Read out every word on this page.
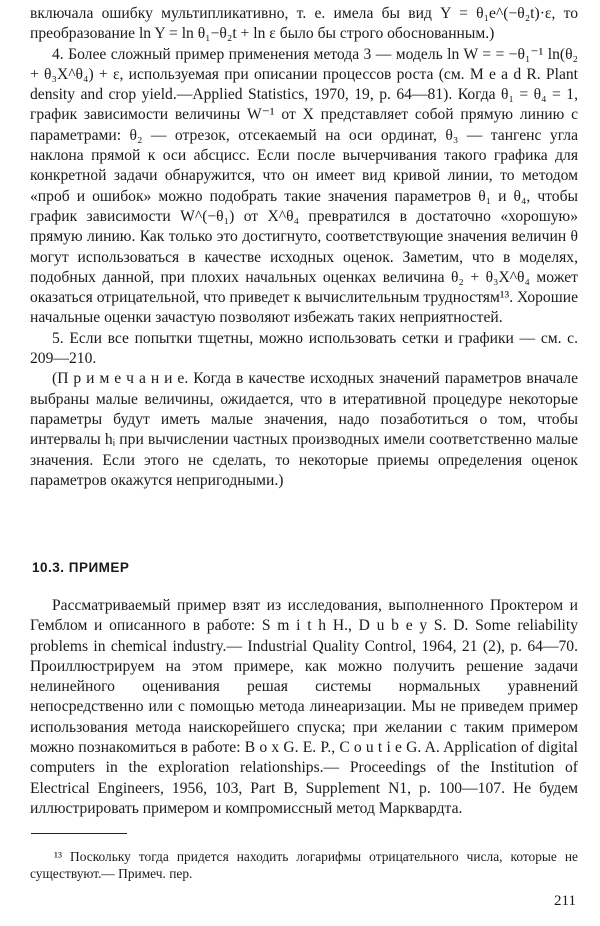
включала ошибку мультипликативно, т. е. имела бы вид Y = θ₁e^(−θ₂t)·ε, то преобразование ln Y = ln θ₁−θ₂t + ln ε было бы строго обоснованным.)

4. Более сложный пример применения метода 3 — модель ln W = = −θ₁⁻¹ ln(θ₂ + θ₃X^θ₄) + ε, используемая при описании процессов роста (см. M e a d R. Plant density and crop yield.—Applied Statistics, 1970, 19, p. 64—81). Когда θ₁ = θ₄ = 1, график зависимости величины W⁻¹ от X представляет собой прямую линию с параметрами: θ₂ — отрезок, отсекаемый на оси ординат, θ₃ — тангенс угла наклона прямой к оси абсцисс. Если после вычерчивания такого графика для конкретной задачи обнаружится, что он имеет вид кривой линии, то методом «проб и ошибок» можно подобрать такие значения параметров θ₁ и θ₄, чтобы график зависимости W^(−θ₁) от X^θ₄ превратился в достаточно «хорошую» прямую линию. Как только это достигнуто, соответствующие значения величин θ могут использоваться в качестве исходных оценок. Заметим, что в моделях, подобных данной, при плохих начальных оценках величина θ₂ + θ₃X^θ₄ может оказаться отрицательной, что приведет к вычислительным трудностям¹³. Хорошие начальные оценки зачастую позволяют избежать таких неприятностей.

5. Если все попытки тщетны, можно использовать сетки и графики — см. с. 209—210.

(П р и м е ч а н и е. Когда в качестве исходных значений параметров вначале выбраны малые величины, ожидается, что в итеративной процедуре некоторые параметры будут иметь малые значения, надо позаботиться о том, чтобы интервалы hᵢ при вычислении частных производных имели соответственно малые значения. Если этого не сделать, то некоторые приемы определения оценок параметров окажутся непригодными.)

10.3. ПРИМЕР

Рассматриваемый пример взят из исследования, выполненного Проктером и Гемблом и описанного в работе: S m i t h H., D u b e y S. D. Some reliability problems in chemical industry.— Industrial Quality Control, 1964, 21 (2), p. 64—70. Проиллюстрируем на этом примере, как можно получить решение задачи нелинейного оценивания решая системы нормальных уравнений непосредственно или с помощью метода линеаризации. Мы не приведем пример использования метода наискорейшего спуска; при желании с таким примером можно познакомиться в работе: B o x G. E. P., C o u t i e G. A. Application of digital computers in the exploration relationships.— Proceedings of the Institution of Electrical Engineers, 1956, 103, Part B, Supplement N1, p. 100—107. Не будем иллюстрировать примером и компромиссный метод Марквардта.

¹³ Поскольку тогда придется находить логарифмы отрицательного числа, которые не существуют.— Примеч. пер.

211
